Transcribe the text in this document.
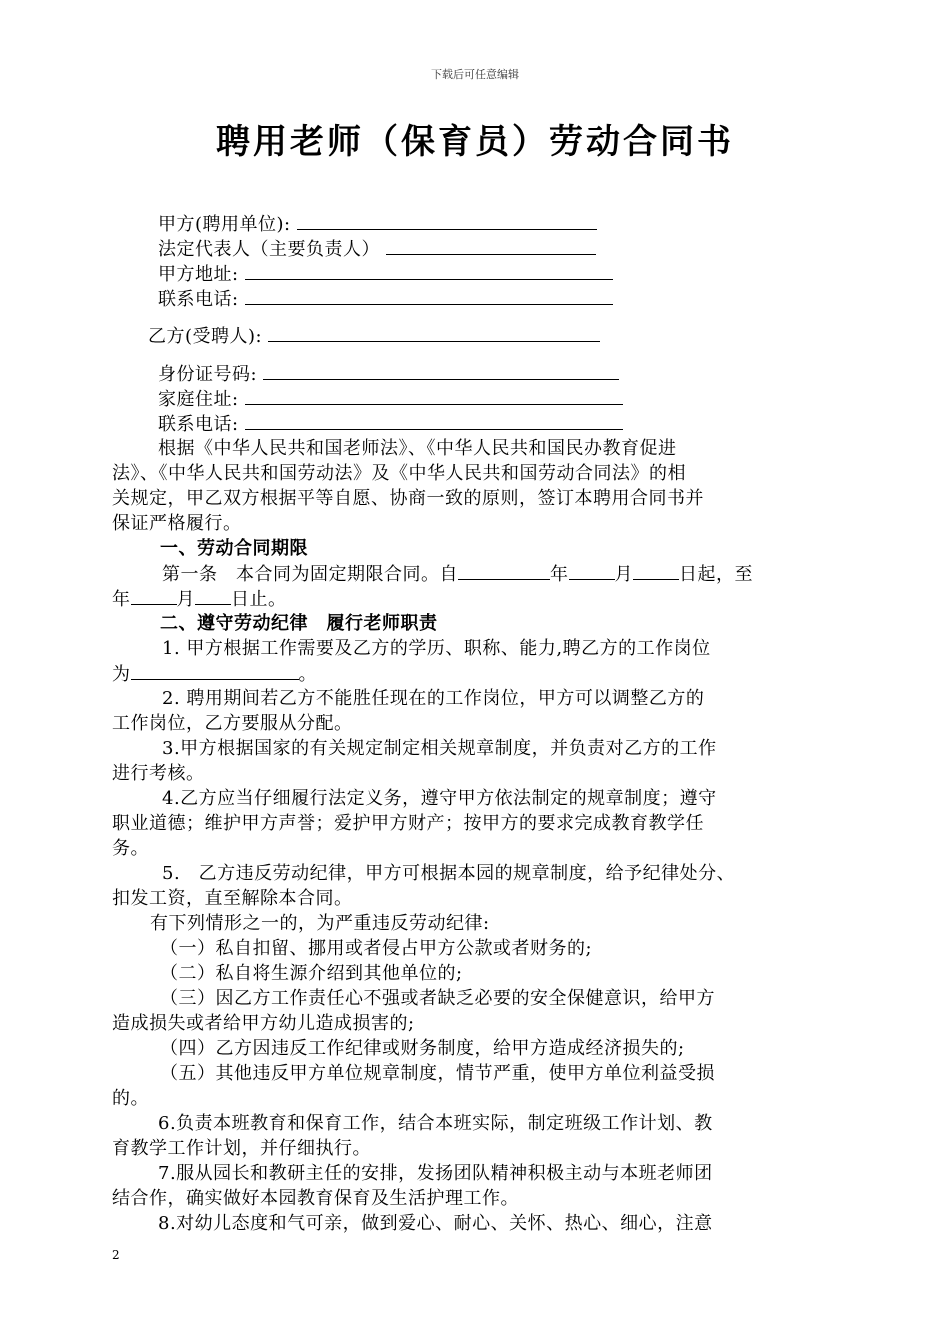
下载后可任意编辑
聘用老师（保育员）劳动合同书
甲方(聘用单位):
法定代表人（主要负责人）
甲方地址:
联系电话:
乙方(受聘人):
身份证号码:
家庭住址:
联系电话:
根据《中华人民共和国老师法》、《中华人民共和国民办教育促进
法》、《中华人民共和国劳动法》及《中华人民共和国劳动合同法》的相
关规定，甲乙双方根据平等自愿、协商一致的原则，签订本聘用合同书并
保证严格履行。
一、劳动合同期限
第一条　本合同为固定期限合同。自	年	月	日起，至
年	月 日止。
二、遵守劳动纪律　履行老师职责
1. 甲方根据工作需要及乙方的学历、职称、能力,聘乙方的工作岗位
为	。
2. 聘用期间若乙方不能胜任现在的工作岗位，甲方可以调整乙方的
工作岗位，乙方要服从分配。
3.甲方根据国家的有关规定制定相关规章制度，并负责对乙方的工作
进行考核。
4.乙方应当仔细履行法定义务，遵守甲方依法制定的规章制度；遵守
职业道德；维护甲方声誉；爱护甲方财产；按甲方的要求完成教育教学任
务。
5.　乙方违反劳动纪律，甲方可根据本园的规章制度，给予纪律处分、
扣发工资，直至解除本合同。
有下列情形之一的，为严重违反劳动纪律:
（一）私自扣留、挪用或者侵占甲方公款或者财务的;
（二）私自将生源介绍到其他单位的;
（三）因乙方工作责任心不强或者缺乏必要的安全保健意识，给甲方
造成损失或者给甲方幼儿造成损害的;
（四）乙方因违反工作纪律或财务制度，给甲方造成经济损失的;
（五）其他违反甲方单位规章制度，情节严重，使甲方单位利益受损
的。
6.负责本班教育和保育工作，结合本班实际，制定班级工作计划、教
育教学工作计划，并仔细执行。
7.服从园长和教研主任的安排，发扬团队精神积极主动与本班老师团
结合作，确实做好本园教育保育及生活护理工作。
8.对幼儿态度和气可亲，做到爱心、耐心、关怀、热心、细心，注意
2
